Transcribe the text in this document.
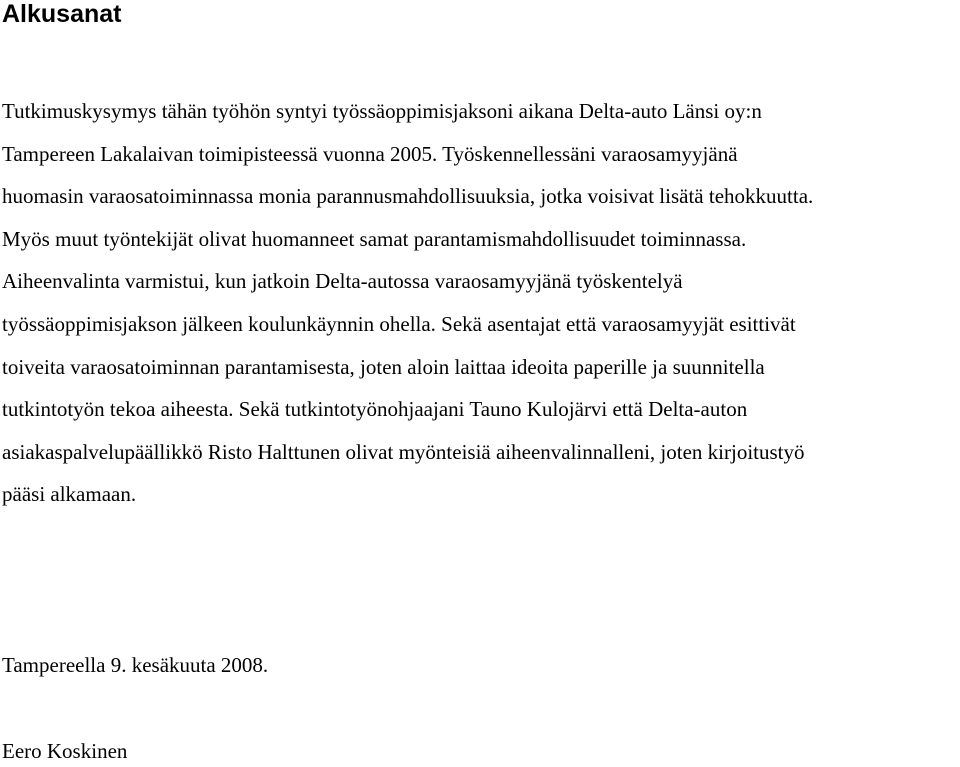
Alkusanat
Tutkimuskysymys tähän työhön syntyi työssäoppimisjaksoni aikana Delta-auto Länsi oy:n
Tampereen Lakalaivan toimipisteessä vuonna 2005. Työskennellessäni varaosamyyjänä
huomasin varaosatoiminnassa monia parannusmahdollisuuksia, jotka voisivat lisätä tehokkuutta.
Myös muut työntekijät olivat huomanneet samat parantamismahdollisuudet toiminnassa.
Aiheenvalinta varmistui, kun jatkoin Delta-autossa varaosamyyjänä työskentelyä
työssäoppimisjakson jälkeen koulunkäynnin ohella. Sekä asentajat että varaosamyyjät esittivät
toiveita varaosatoiminnan parantamisesta, joten aloin laittaa ideoita paperille ja suunnitella
tutkintotyön tekoa aiheesta. Sekä tutkintotyönohjaajani Tauno Kulojärvi että Delta-auton
asiakaspalvelupäällikkö Risto Halttunen olivat myönteisiä aiheenvalinnalleni, joten kirjoitustyö
pääsi alkamaan.

Tampereella 9. kesäkuuta 2008.

Eero Koskinen
